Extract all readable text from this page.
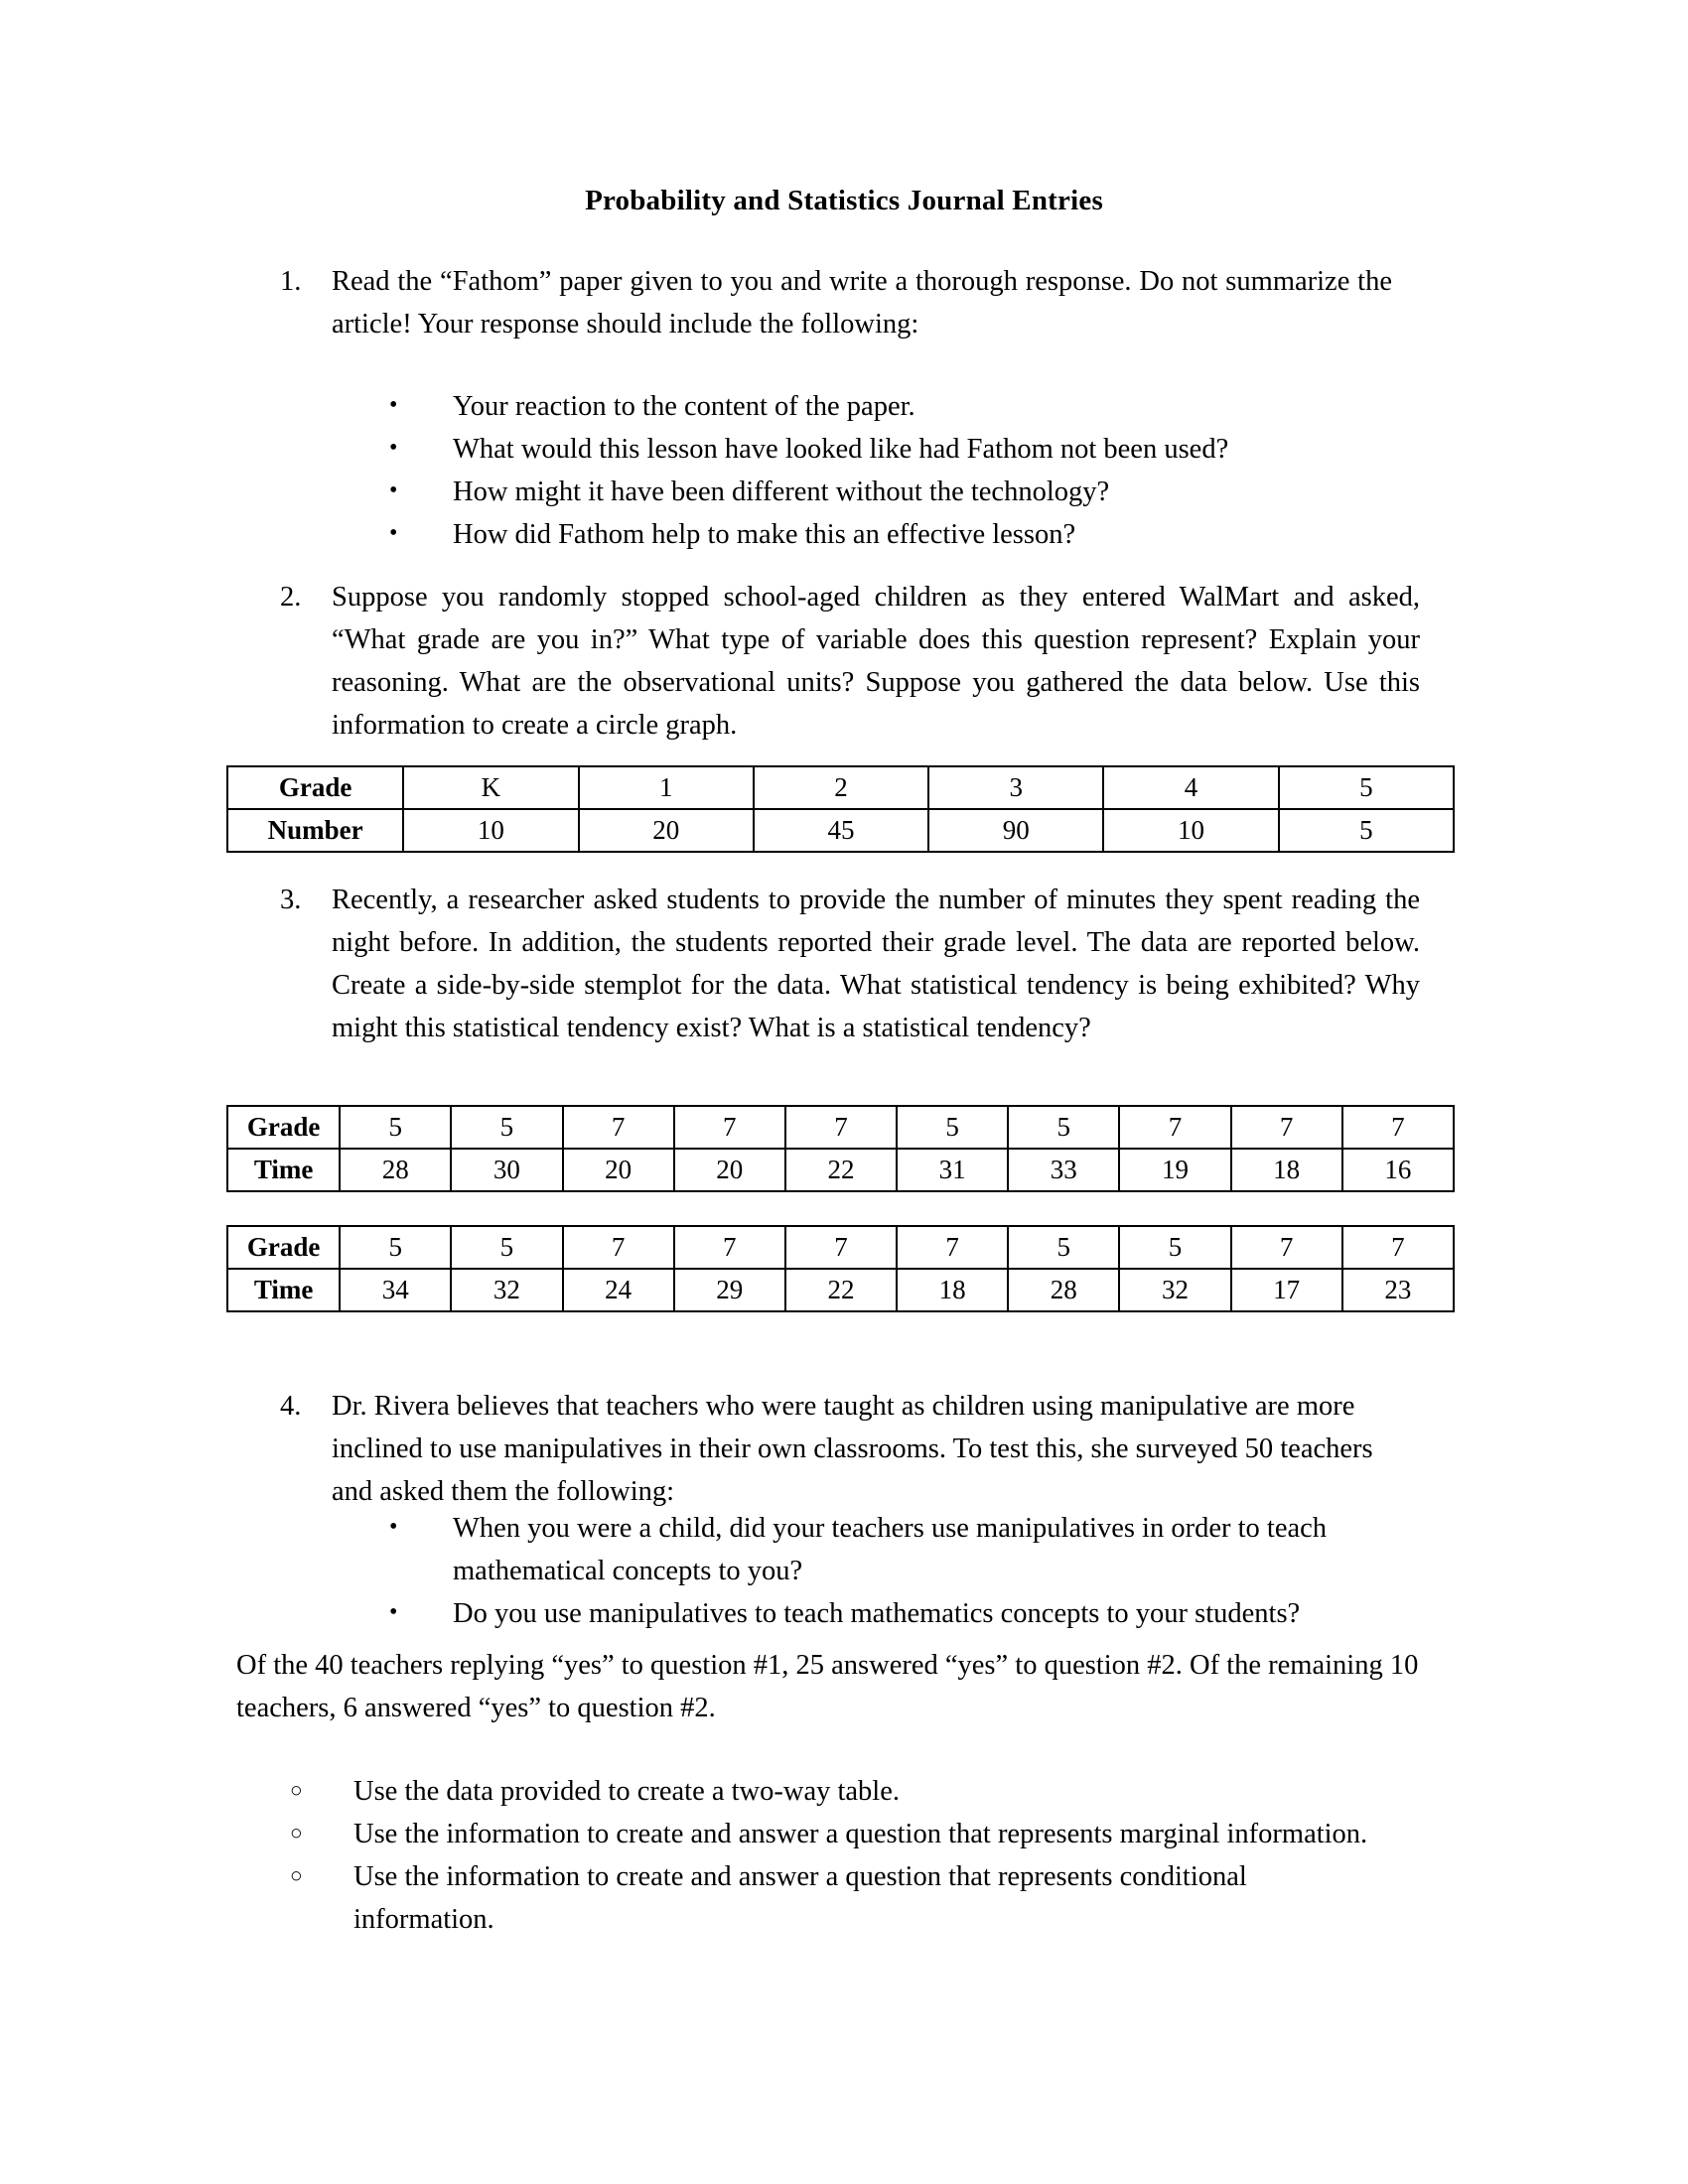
Probability and Statistics Journal Entries
1.	Read the “Fathom” paper given to you and write a thorough response. Do not summarize the article! Your response should include the following:
• Your reaction to the content of the paper.
• What would this lesson have looked like had Fathom not been used?
• How might it have been different without the technology?
• How did Fathom help to make this an effective lesson?
2.	Suppose you randomly stopped school-aged children as they entered WalMart and asked, “What grade are you in?” What type of variable does this question represent? Explain your reasoning. What are the observational units? Suppose you gathered the data below. Use this information to create a circle graph.
Grade	K	1	2	3	4	5
Number	10	20	45	90	10	5
3.	Recently, a researcher asked students to provide the number of minutes they spent reading the night before. In addition, the students reported their grade level. The data are reported below. Create a side-by-side stemplot for the data. What statistical tendency is being exhibited? Why might this statistical tendency exist? What is a statistical tendency?
Grade	5	5	7	7	7	5	5	7	7	7
Time	28	30	20	20	22	31	33	19	18	16
Grade	5	5	7	7	7	7	5	5	7	7
Time	34	32	24	29	22	18	28	32	17	23
4.	Dr. Rivera believes that teachers who were taught as children using manipulative are more inclined to use manipulatives in their own classrooms. To test this, she surveyed 50 teachers and asked them the following:
• When you were a child, did your teachers use manipulatives in order to teach mathematical concepts to you?
• Do you use manipulatives to teach mathematics concepts to your students?
Of the 40 teachers replying “yes” to question #1, 25 answered “yes” to question #2. Of the remaining 10 teachers, 6 answered “yes” to question #2.
○ Use the data provided to create a two-way table.
○ Use the information to create and answer a question that represents marginal information.
○ Use the information to create and answer a question that represents conditional information.
